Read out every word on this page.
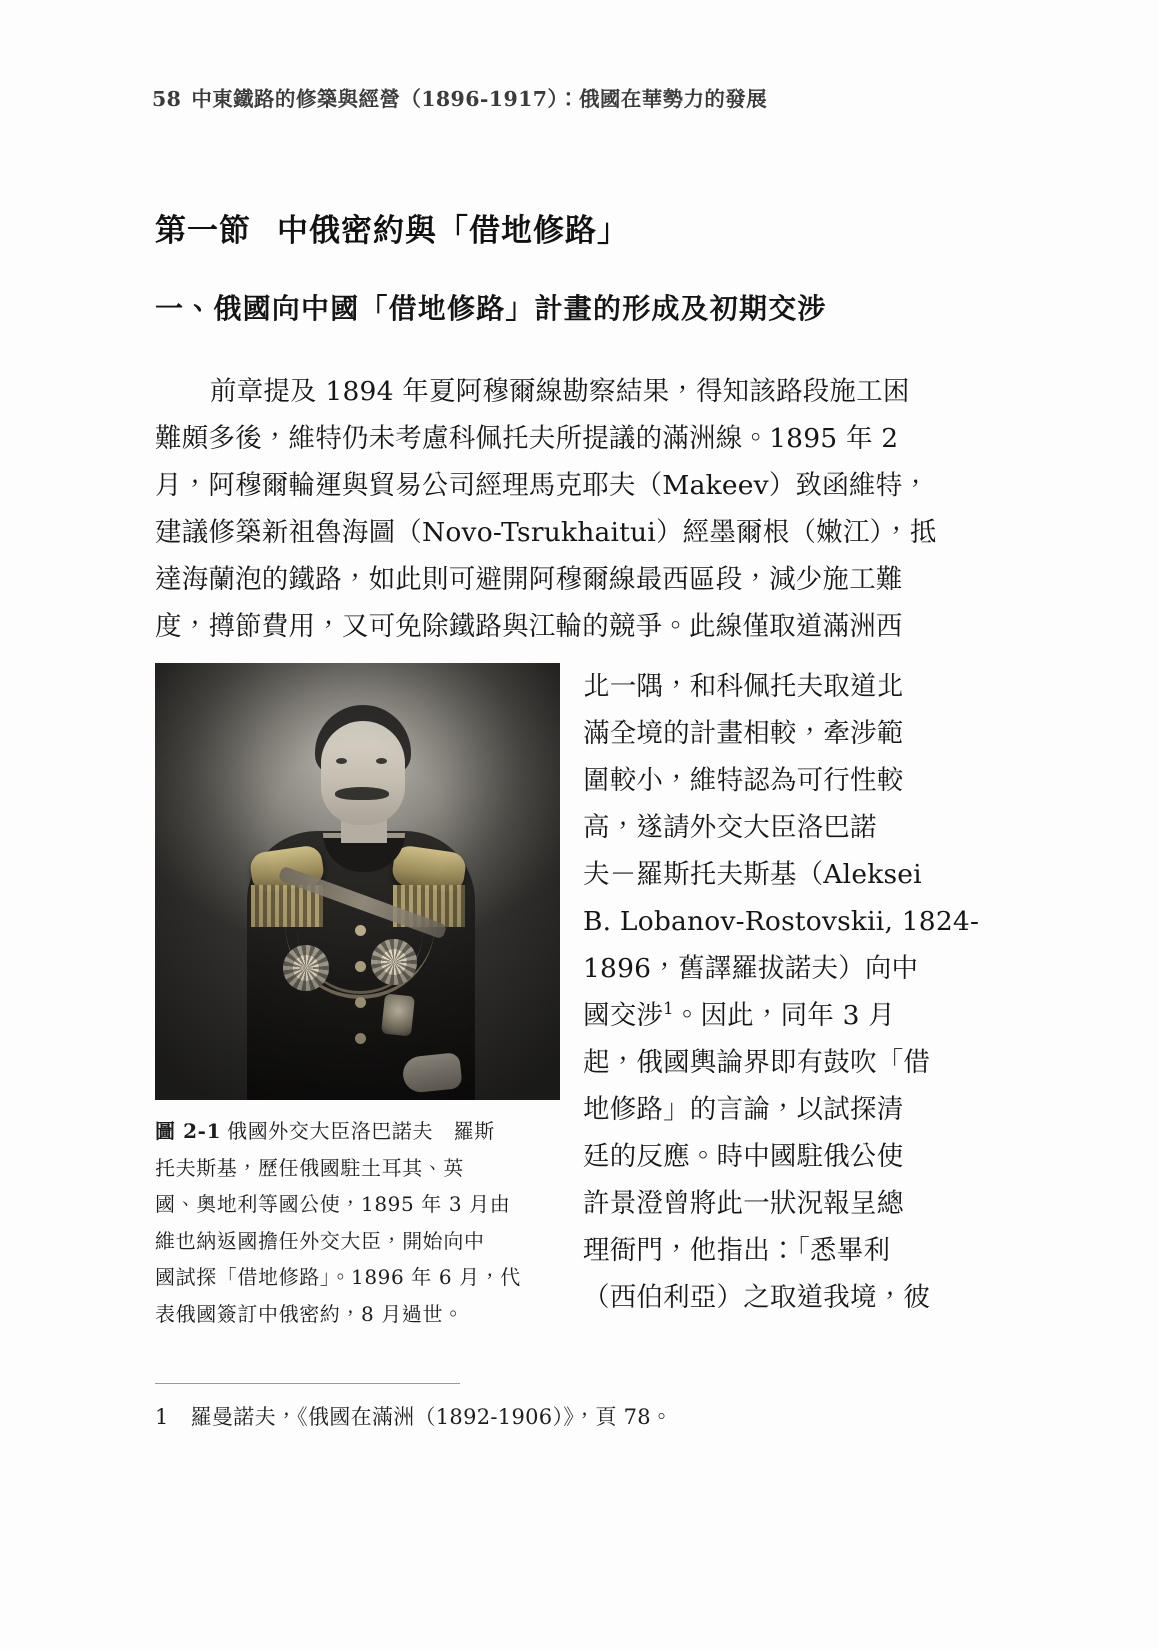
58 中東鐵路的修築與經營（1896-1917）：俄國在華勢力的發展
第一節 中俄密約與「借地修路」
一、俄國向中國「借地修路」計畫的形成及初期交涉
前章提及 1894 年夏阿穆爾線勘察結果，得知該路段施工困
難頗多後，維特仍未考慮科佩托夫所提議的滿洲線。1895 年 2
月，阿穆爾輪運與貿易公司經理馬克耶夫（Makeev）致函維特，
建議修築新祖魯海圖（Novo-Tsrukhaitui）經墨爾根（嫩江），抵
達海蘭泡的鐵路，如此則可避開阿穆爾線最西區段，減少施工難
度，撙節費用，又可免除鐵路與江輪的競爭。此線僅取道滿洲西
圖 2-1 俄國外交大臣洛巴諾夫　羅斯
托夫斯基，歷任俄國駐土耳其、英
國、奧地利等國公使，1895 年 3 月由
維也納返國擔任外交大臣，開始向中
國試探「借地修路」。1896 年 6 月，代
表俄國簽訂中俄密約，8 月過世。
北一隅，和科佩托夫取道北
滿全境的計畫相較，牽涉範
圍較小，維特認為可行性較
高，遂請外交大臣洛巴諾
夫－羅斯托夫斯基（Aleksei
B. Lobanov-Rostovskii, 1824-
1896，舊譯羅拔諾夫）向中
國交涉$^1$。因此，同年 3 月
起，俄國輿論界即有鼓吹「借
地修路」的言論，以試探清
廷的反應。時中國駐俄公使
許景澄曾將此一狀況報呈總
理衙門，他指出：「悉畢利
（西伯利亞）之取道我境，彼
1 羅曼諾夫，《俄國在滿洲（1892-1906）》，頁 78。
